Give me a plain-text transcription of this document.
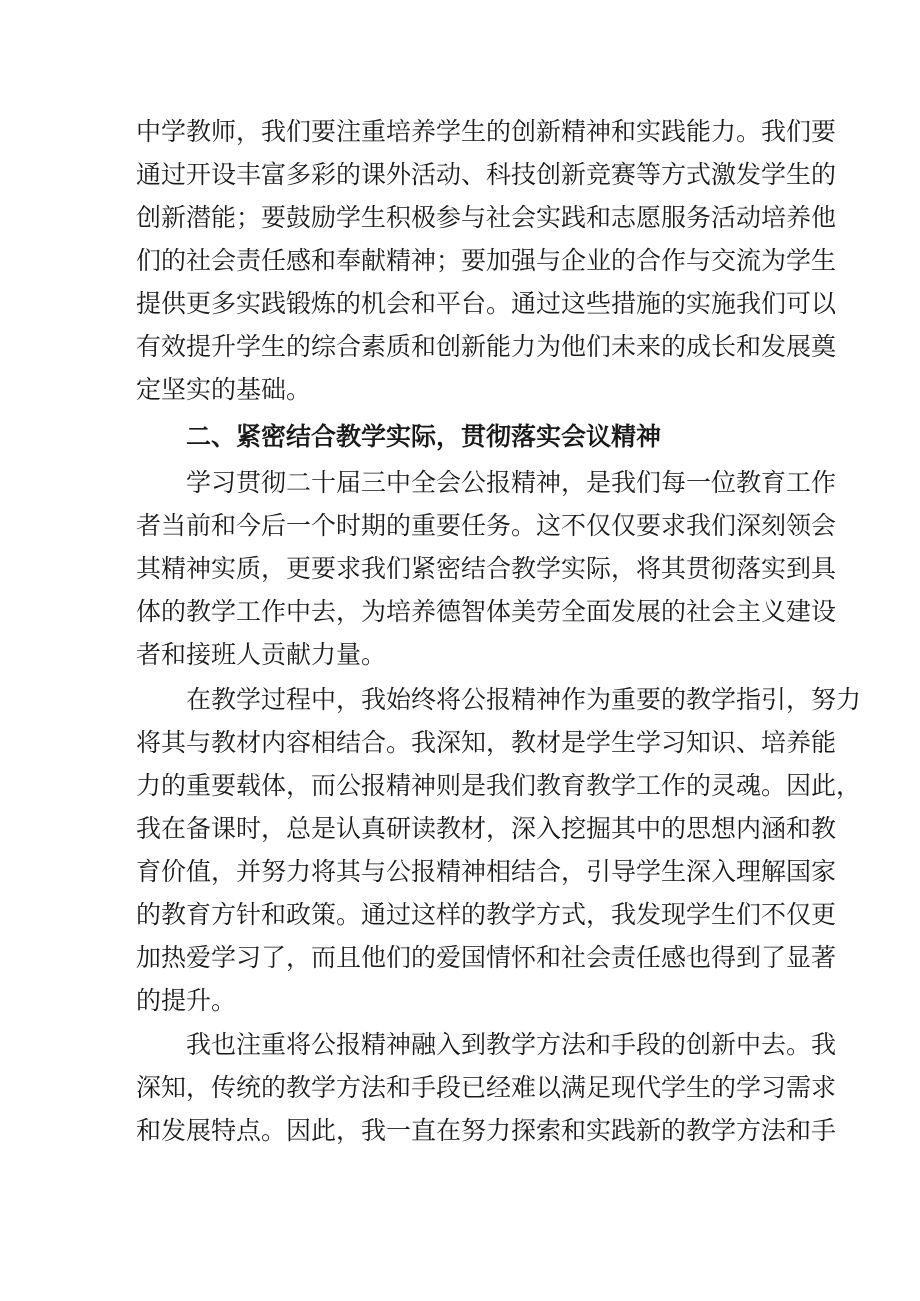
中学教师，我们要注重培养学生的创新精神和实践能力。我们要
通过开设丰富多彩的课外活动、科技创新竞赛等方式激发学生的
创新潜能；要鼓励学生积极参与社会实践和志愿服务活动培养他
们的社会责任感和奉献精神；要加强与企业的合作与交流为学生
提供更多实践锻炼的机会和平台。通过这些措施的实施我们可以
有效提升学生的综合素质和创新能力为他们未来的成长和发展奠
定坚实的基础。
二、紧密结合教学实际，贯彻落实会议精神
学习贯彻二十届三中全会公报精神，是我们每一位教育工作
者当前和今后一个时期的重要任务。这不仅仅要求我们深刻领会
其精神实质，更要求我们紧密结合教学实际，将其贯彻落实到具
体的教学工作中去，为培养德智体美劳全面发展的社会主义建设
者和接班人贡献力量。
在教学过程中，我始终将公报精神作为重要的教学指引，努力
将其与教材内容相结合。我深知，教材是学生学习知识、培养能
力的重要载体，而公报精神则是我们教育教学工作的灵魂。因此，
我在备课时，总是认真研读教材，深入挖掘其中的思想内涵和教
育价值，并努力将其与公报精神相结合，引导学生深入理解国家
的教育方针和政策。通过这样的教学方式，我发现学生们不仅更
加热爱学习了，而且他们的爱国情怀和社会责任感也得到了显著
的提升。
我也注重将公报精神融入到教学方法和手段的创新中去。我
深知，传统的教学方法和手段已经难以满足现代学生的学习需求
和发展特点。因此，我一直在努力探索和实践新的教学方法和手
